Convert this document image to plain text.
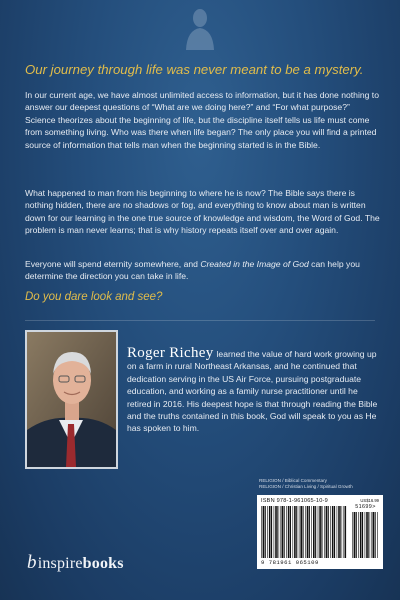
Our journey through life was never meant to be a mystery.

In our current age, we have almost unlimited access to information, but it has done nothing to answer our deepest questions of “What are we doing here?” and “For what purpose?” Science theorizes about the beginning of life, but the discipline itself tells us life must come from something living. Who was there when life began? The only place you will find a printed source of information that tells man when the beginning started is in the Bible.

What happened to man from his beginning to where he is now? The Bible says there is nothing hidden, there are no shadows or fog, and everything to know about man is written down for our learning in the one true source of knowledge and wisdom, the Word of God. The problem is man never learns; that is why history repeats itself over and over again.

Everyone will spend eternity somewhere, and Created in the Image of God can help you determine the direction you can take in life.

Do you dare look and see?

Roger Richey learned the value of hard work growing up on a farm in rural Northeast Arkansas, and he continued that dedication serving in the US Air Force, pursuing postgraduate education, and working as a family nurse practitioner until he retired in 2016. His deepest hope is that through reading the Bible and the truths contained in this book, God will speak to you as He has spoken to him.

RELIGION / Biblical Commentary
RELIGION / Christian Living / Spiritual Growth
ISBN 978-1-961065-10-9	US$16.99
51699>
9 781961 065109
binspirebooks
